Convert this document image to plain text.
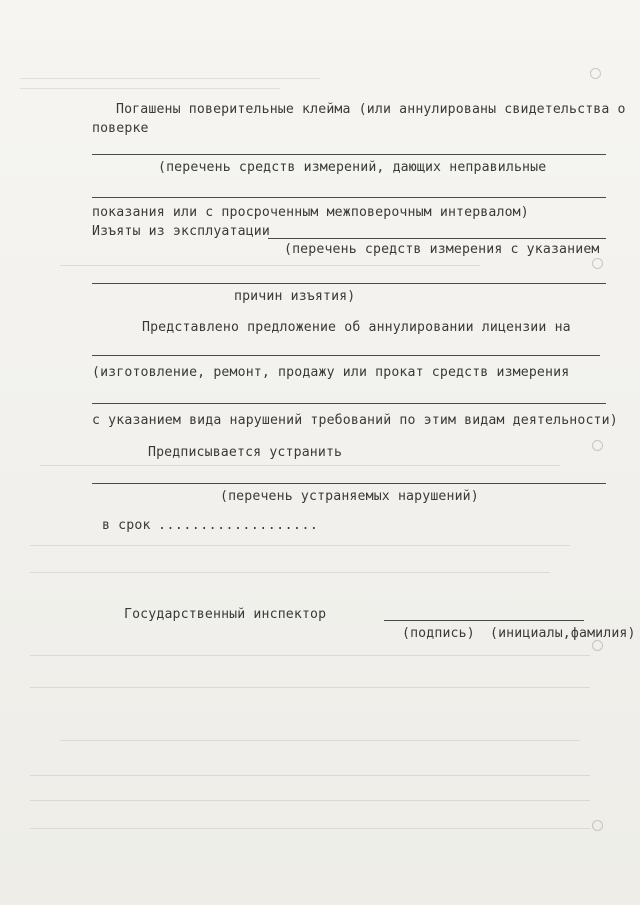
Погашены поверительные клейма (или аннулированы свидетельства о
поверке
(перечень средств измерений, дающих неправильные
показания или с просроченным межповерочным интервалом)
Изъяты из эксплуатации
(перечень средств измерения с указанием
причин изъятия)
Представлено предложение об аннулировании лицензии на
(изготовление, ремонт, продажу или прокат средств измерения
с указанием вида нарушений требований по этим видам деятельности)
Предписывается устранить
(перечень устраняемых нарушений)
в срок ...................
Государственный инспектор
(подпись) (инициалы,фамилия)
